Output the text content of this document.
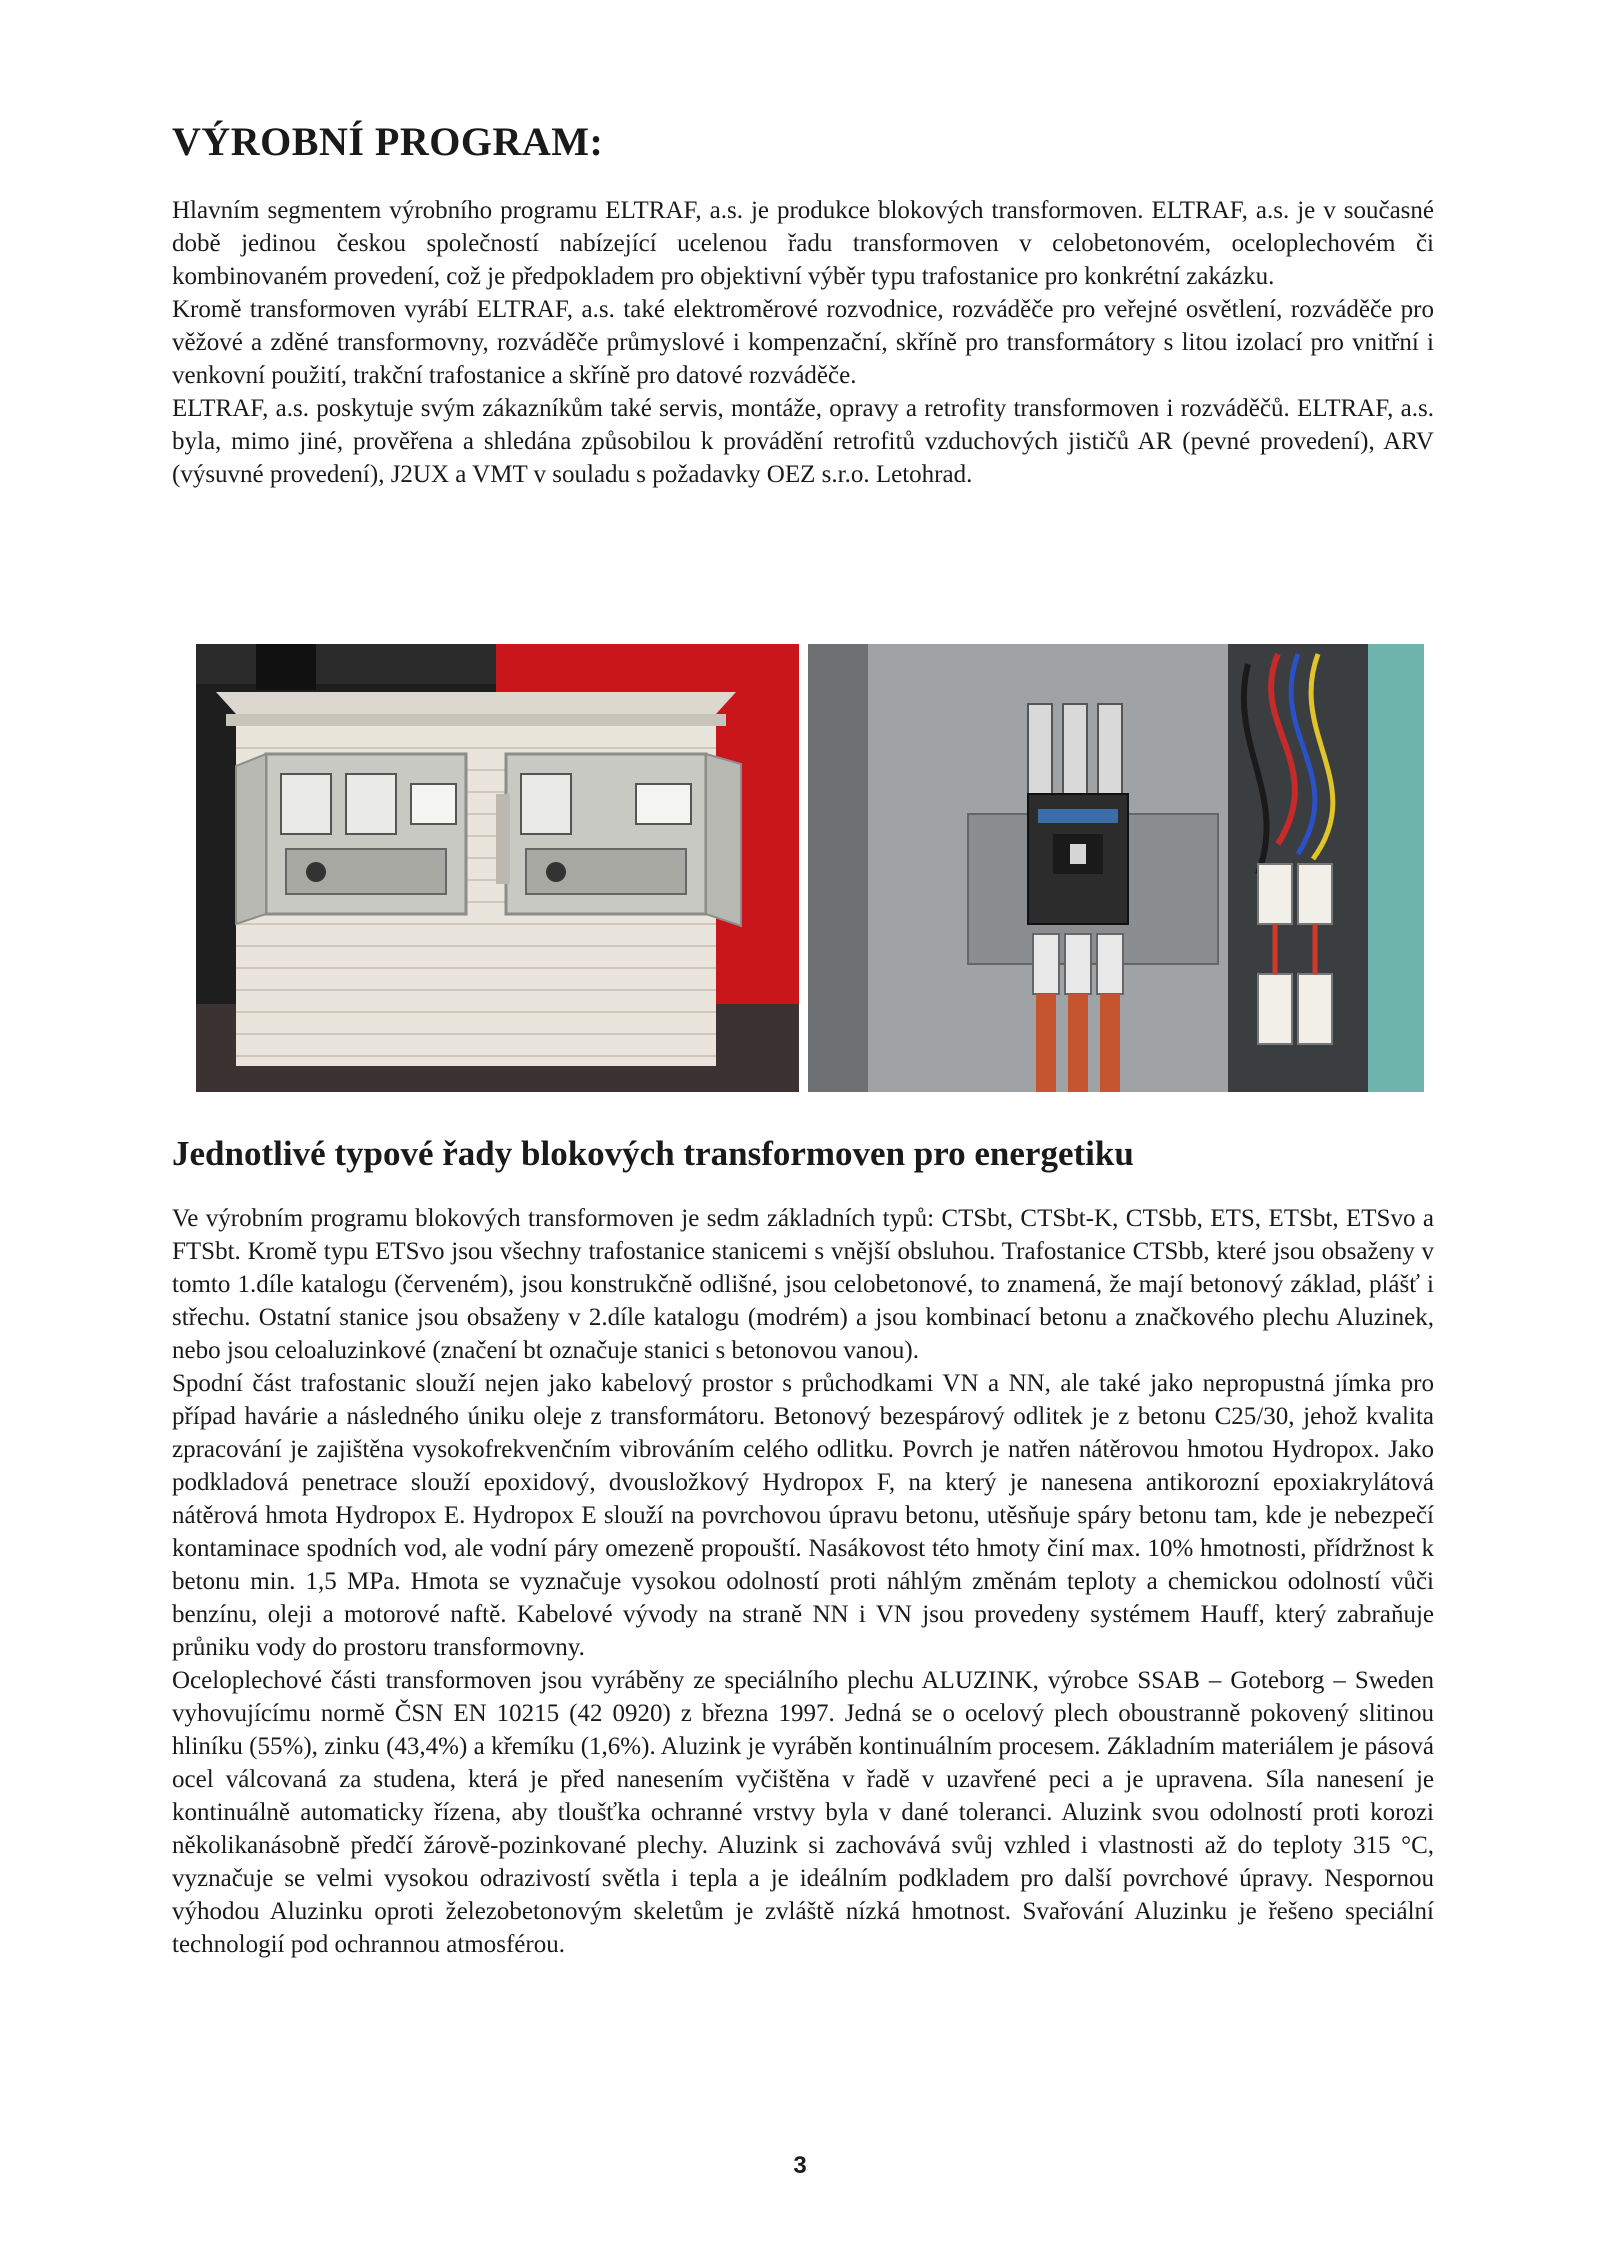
VÝROBNÍ PROGRAM:

Hlavním segmentem výrobního programu ELTRAF, a.s. je produkce blokových transformoven. ELTRAF, a.s. je v současné době jedinou českou společností nabízející ucelenou řadu transformoven v celobetonovém, oceloplechovém či kombinovaném provedení, což je předpokladem pro objektivní výběr typu trafostanice pro konkrétní zakázku.

Kromě transformoven vyrábí ELTRAF, a.s. také elektroměrové rozvodnice, rozváděče pro veřejné osvětlení, rozváděče pro věžové a zděné transformovny, rozváděče průmyslové i kompenzační, skříně pro transformátory s litou izolací pro vnitřní i venkovní použití, trakční trafostanice a skříně pro datové rozváděče.

ELTRAF, a.s. poskytuje svým zákazníkům také servis, montáže, opravy a retrofity transformoven i rozváděčů. ELTRAF, a.s. byla, mimo jiné, prověřena a shledána způsobilou k provádění retrofitů vzduchových jističů AR (pevné provedení), ARV (výsuvné provedení), J2UX a VMT v souladu s požadavky OEZ s.r.o. Letohrad.

Jednotlivé typové řady blokových transformoven pro energetiku

Ve výrobním programu blokových transformoven je sedm základních typů: CTSbt, CTSbt-K, CTSbb, ETS, ETSbt, ETSvo a FTSbt. Kromě typu ETSvo jsou všechny trafostanice stanicemi s vnější obsluhou. Trafostanice CTSbb, které jsou obsaženy v tomto 1.díle katalogu (červeném), jsou konstrukčně odlišné, jsou celobetonové, to znamená, že mají betonový základ, plášť i střechu. Ostatní stanice jsou obsaženy v 2.díle katalogu (modrém) a jsou kombinací betonu a značkového plechu Aluzinek, nebo jsou celoaluzinkové (značení bt označuje stanici s betonovou vanou).

Spodní část trafostanic slouží nejen jako kabelový prostor s průchodkami VN a NN, ale také jako nepropustná jímka pro případ havárie a následného úniku oleje z transformátoru. Betonový bezespárový odlitek je z betonu C25/30, jehož kvalita zpracování je zajištěna vysokofrekvenčním vibrováním celého odlitku. Povrch je natřen nátěrovou hmotou Hydropox. Jako podkladová penetrace slouží epoxidový, dvousložkový Hydropox F, na který je nanesena antikorozní epoxiakrylátová nátěrová hmota Hydropox E. Hydropox E slouží na povrchovou úpravu betonu, utěsňuje spáry betonu tam, kde je nebezpečí kontaminace spodních vod, ale vodní páry omezeně propouští. Nasákovost této hmoty činí max. 10% hmotnosti, přídržnost k betonu min. 1,5 MPa. Hmota se vyznačuje vysokou odolností proti náhlým změnám teploty a chemickou odolností vůči benzínu, oleji a motorové naftě. Kabelové vývody na straně NN i VN jsou provedeny systémem Hauff, který zabraňuje průniku vody do prostoru transformovny.

Oceloplechové části transformoven jsou vyráběny ze speciálního plechu ALUZINK, výrobce SSAB – Goteborg – Sweden vyhovujícímu normě ČSN EN 10215 (42 0920) z března 1997. Jedná se o ocelový plech oboustranně pokovený slitinou hliníku (55%), zinku (43,4%) a křemíku (1,6%). Aluzink je vyráběn kontinuálním procesem. Základním materiálem je pásová ocel válcovaná za studena, která je před nanesením vyčištěna v řadě v uzavřené peci a je upravena. Síla nanesení je kontinuálně automaticky řízena, aby tloušťka ochranné vrstvy byla v dané toleranci. Aluzink svou odolností proti korozi několikanásobně předčí žárově-pozinkované plechy. Aluzink si zachovává svůj vzhled i vlastnosti až do teploty 315 °C, vyznačuje se velmi vysokou odrazivostí světla i tepla a je ideálním podkladem pro další povrchové úpravy. Nespornou výhodou Aluzinku oproti železobetonovým skeletům je zvláště nízká hmotnost. Svařování Aluzinku je řešeno speciální technologií pod ochrannou atmosférou.

3
